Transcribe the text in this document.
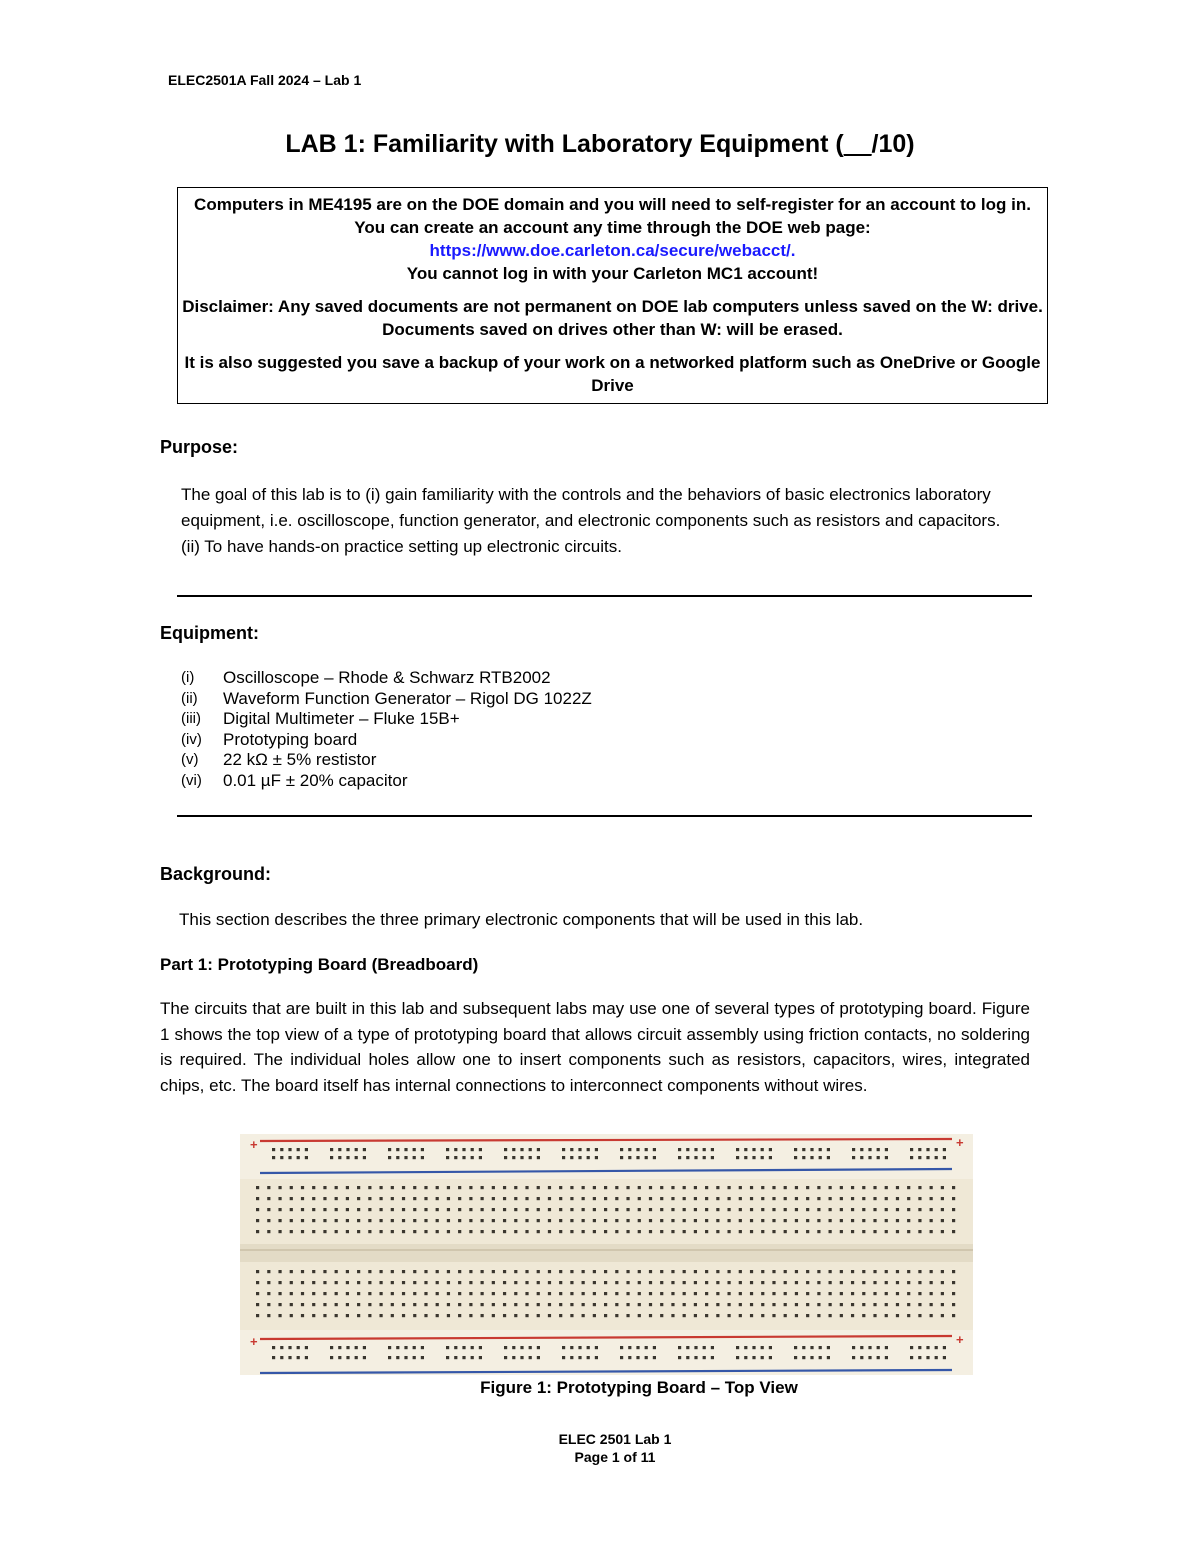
ELEC2501A Fall 2024 – Lab 1
LAB 1: Familiarity with Laboratory Equipment (__/10)

Computers in ME4195 are on the DOE domain and you will need to self-register for an account to log in. You can create an account any time through the DOE web page:

https://www.doe.carleton.ca/secure/webacct/.

You cannot log in with your Carleton MC1 account!

Disclaimer: Any saved documents are not permanent on DOE lab computers unless saved on the W: drive. Documents saved on drives other than W: will be erased.

It is also suggested you save a backup of your work on a networked platform such as OneDrive or Google Drive

Purpose:
The goal of this lab is to (i) gain familiarity with the controls and the behaviors of basic electronics laboratory equipment, i.e. oscilloscope, function generator, and electronic components such as resistors and capacitors. (ii) To have hands-on practice setting up electronic circuits.
Equipment:
(i)	Oscilloscope – Rhode & Schwarz RTB2002
(ii)	Waveform Function Generator – Rigol DG 1022Z
(iii)	Digital Multimeter – Fluke 15B+
(iv)	Prototyping board
(v)	22 kΩ ± 5% restistor
(vi)	0.01 µF ± 20% capacitor
Background:
This section describes the three primary electronic components that will be used in this lab.
Part 1: Prototyping Board (Breadboard)

The circuits that are built in this lab and subsequent labs may use one of several types of prototyping board. Figure 1 shows the top view of a type of prototyping board that allows circuit assembly using friction contacts, no soldering is required. The individual holes allow one to insert components such as resistors, capacitors, wires, integrated chips, etc. The board itself has internal connections to interconnect components without wires.

+	+
+	+
Figure 1: Prototyping Board – Top View
ELEC 2501 Lab 1
Page 1 of 11
